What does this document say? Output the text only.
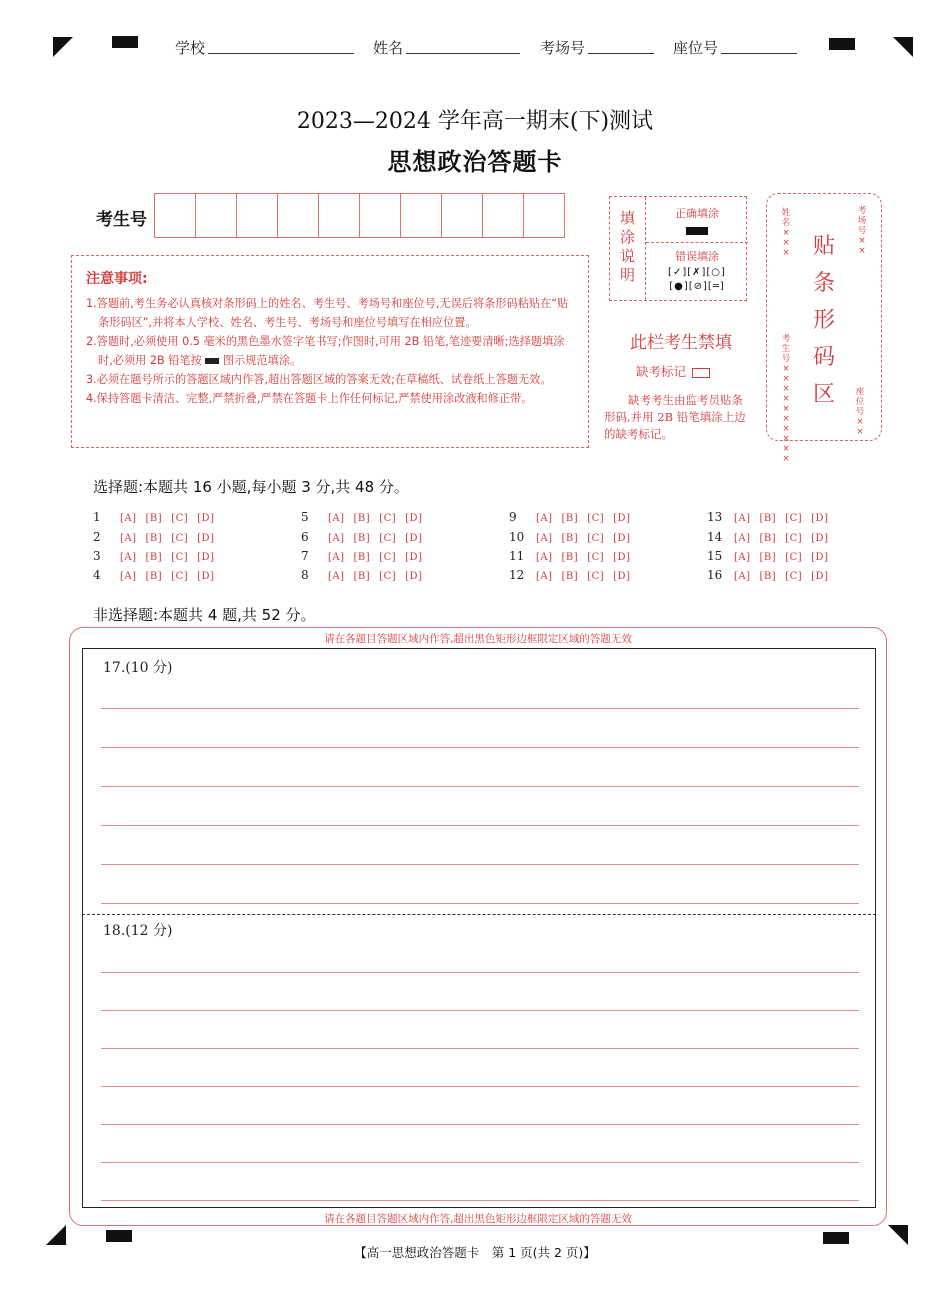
学校	姓名	考场号	座位号
2023—2024 学年高一期末(下)测试
思想政治答题卡
考生号
注意事项:
1.答题前,考生务必认真核对条形码上的姓名、考生号、考场号和座位号,无误后将条形码粘贴在“贴条形码区”,并将本人学校、姓名、考生号、考场号和座位号填写在相应位置。
2.答题时,必须使用 0.5 毫米的黑色墨水签字笔书写;作图时,可用 2B 铅笔,笔迹要清晰;选择题填涂时,必须用 2B 铅笔按 图示规范填涂。
3.必须在题号所示的答题区域内作答,超出答题区域的答案无效;在草稿纸、试卷纸上答题无效。
4.保持答题卡清洁、完整,严禁折叠,严禁在答题卡上作任何标记,严禁使用涂改液和修正带。
填
涂
说
明
正确填涂
错误填涂
[✓][✗][○]
[●][⊘][═]
此栏考生禁填
缺考标记
缺考考生由监考员贴条形码,并用 2B 铅笔填涂上边的缺考标记。
姓名×××
考场号××
贴
条
形
码
区
考生号××××××××××
座位号××
选择题:本题共 16 小题,每小题 3 分,共 48 分。
1 [A] [B] [C] [D]
2 [A] [B] [C] [D]
3 [A] [B] [C] [D]
4 [A] [B] [C] [D]
5 [A] [B] [C] [D]
6 [A] [B] [C] [D]
7 [A] [B] [C] [D]
8 [A] [B] [C] [D]
9 [A] [B] [C] [D]
10 [A] [B] [C] [D]
11 [A] [B] [C] [D]
12 [A] [B] [C] [D]
13 [A] [B] [C] [D]
14 [A] [B] [C] [D]
15 [A] [B] [C] [D]
16 [A] [B] [C] [D]
非选择题:本题共 4 题,共 52 分。
请在各题目答题区域内作答,超出黑色矩形边框限定区域的答题无效
17.(10 分)
18.(12 分)
请在各题目答题区域内作答,超出黑色矩形边框限定区域的答题无效
【高一思想政治答题卡　第 1 页(共 2 页)】
